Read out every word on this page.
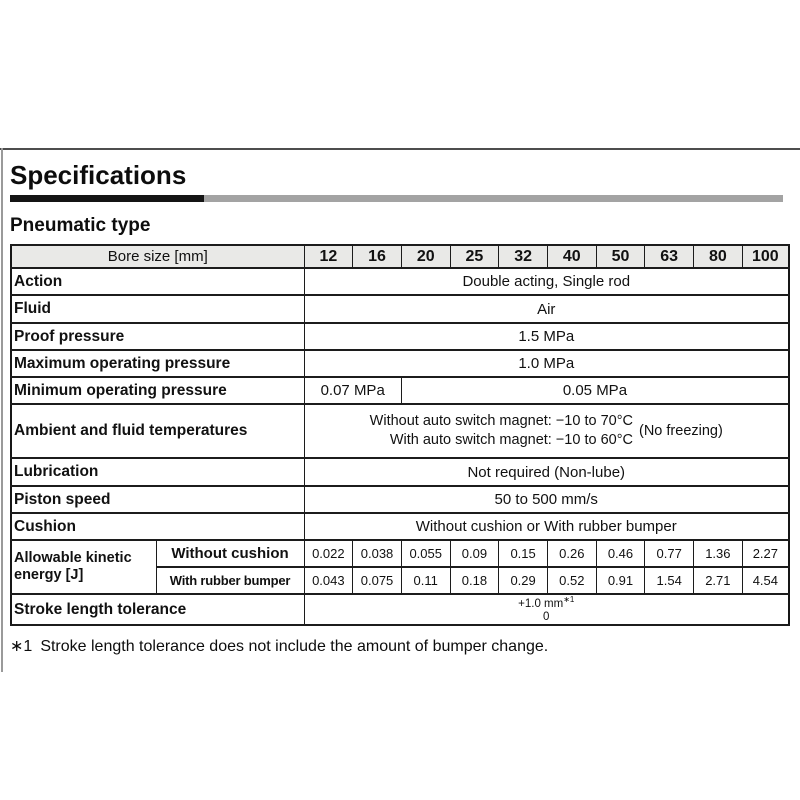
Specifications
Pneumatic type
Bore size [mm]		12	16	20	25	32	40	50	63	80	100
Action		Double acting, Single rod									
Fluid		Air									
Proof pressure		1.5 MPa									
Maximum operating pressure		1.0 MPa									
Minimum operating pressure		0.07 MPa		0.05 MPa							
Ambient and fluid temperatures		Without auto switch magnet: −10 to 70°C
With auto switch magnet: −10 to 60°C
(No freezing)									

Lubrication		Not required (Non-lube)									
Piston speed		50 to 500 mm/s									
Cushion		Without cushion or With rubber bumper									
Allowable kinetic energy [J]	Without cushion	0.022	0.038	0.055	0.09	0.15	0.26	0.46	0.77	1.36	2.27
	With rubber bumper	0.043	0.075	0.11	0.18	0.29	0.52	0.91	1.54	2.71	4.54
Stroke length tolerance		+1.0 $mm^{∗1}$
0									
∗1 Stroke length tolerance does not include the amount of bumper change.
